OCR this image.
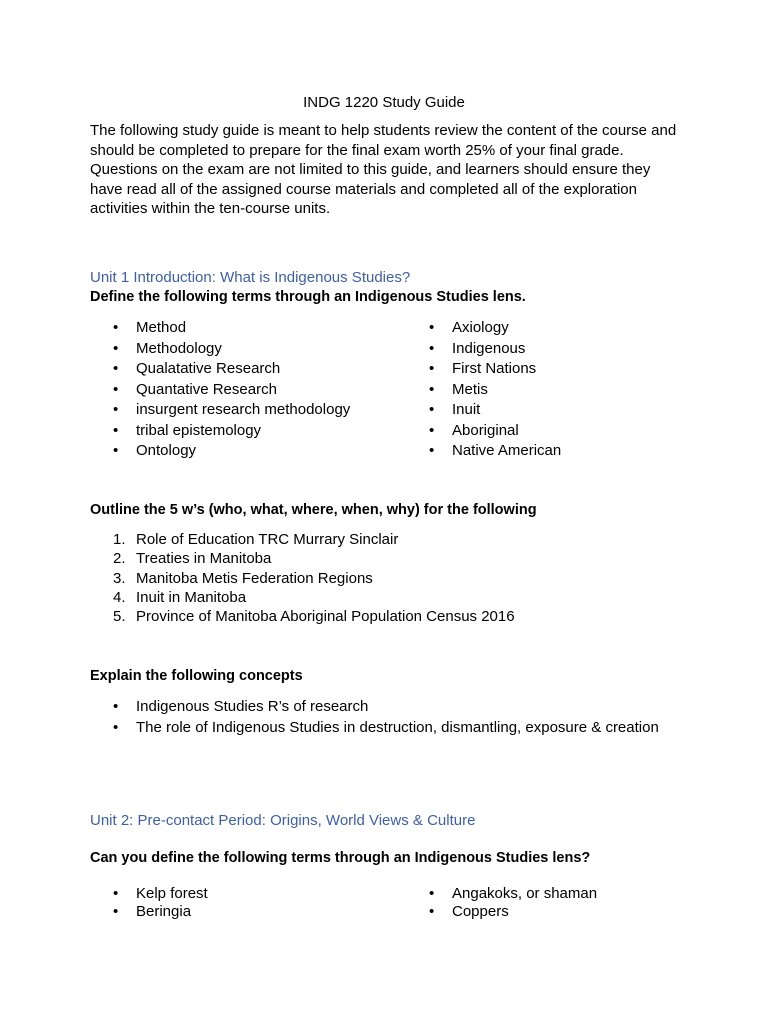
INDG 1220 Study Guide
The following study guide is meant to help students review the content of the course and should be completed to prepare for the final exam worth 25% of your final grade. Questions on the exam are not limited to this guide, and learners should ensure they have read all of the assigned course materials and completed all of the exploration activities within the ten-course units.
Unit 1 Introduction: What is Indigenous Studies?
Define the following terms through an Indigenous Studies lens.
• Method
• Methodology
• Qualatative Research
• Quantative Research
• insurgent research methodology
• tribal epistemology
• Ontology
• Axiology
• Indigenous
• First Nations
• Metis
• Inuit
• Aboriginal
• Native American
Outline the 5 w’s (who, what, where, when, why) for the following
1. Role of Education TRC Murrary Sinclair
2. Treaties in Manitoba
3. Manitoba Metis Federation Regions
4. Inuit in Manitoba
5. Province of Manitoba Aboriginal Population Census 2016
Explain the following concepts
• Indigenous Studies R’s of research
• The role of Indigenous Studies in destruction, dismantling, exposure & creation
Unit 2: Pre-contact Period: Origins, World Views & Culture
Can you define the following terms through an Indigenous Studies lens?
• Kelp forest
• Beringia
• Angakoks, or shaman
• Coppers
